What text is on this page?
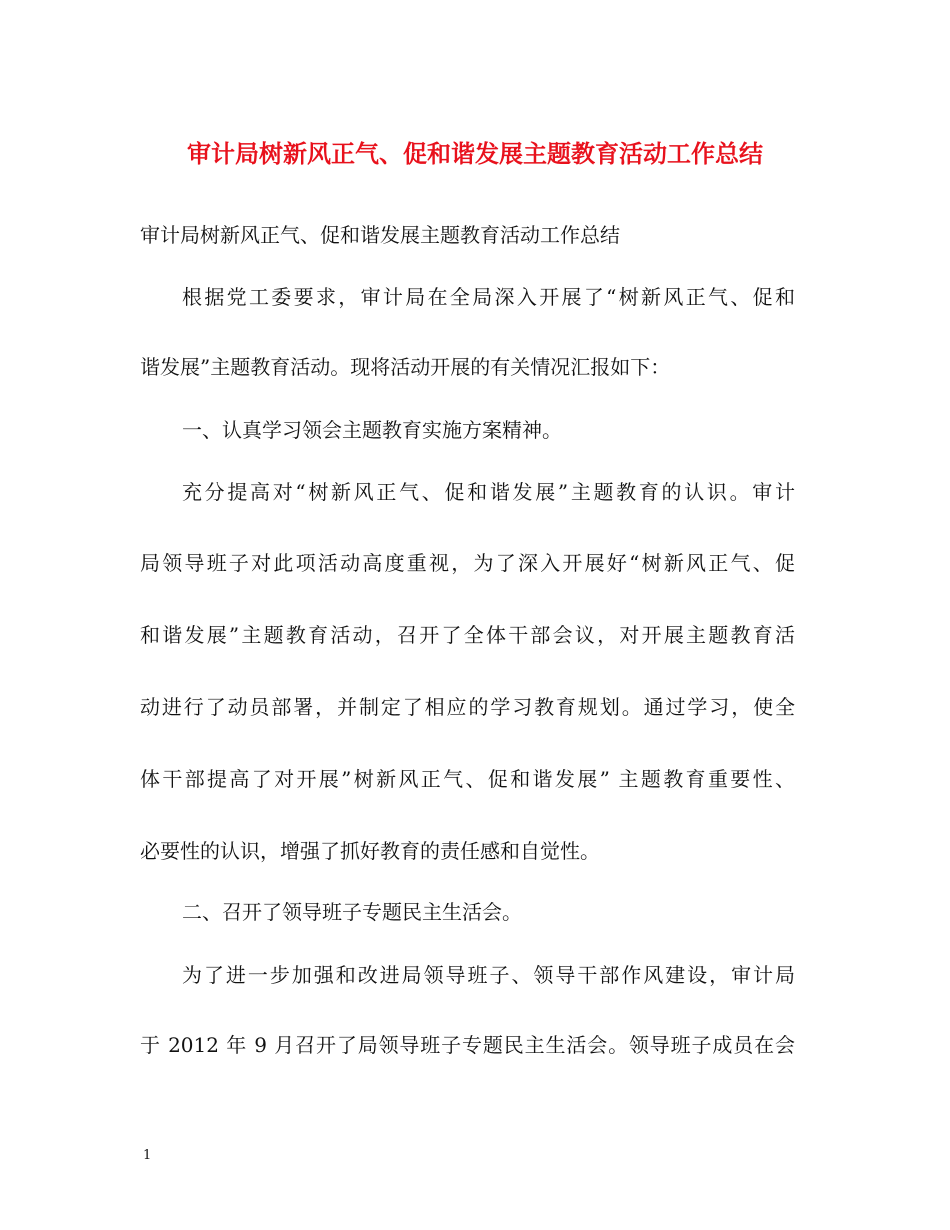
审计局树新风正气、促和谐发展主题教育活动工作总结
审计局树新风正气、促和谐发展主题教育活动工作总结
根据党工委要求，审计局在全局深入开展了“树新风正气、促和
谐发展”主题教育活动。现将活动开展的有关情况汇报如下：
一、认真学习领会主题教育实施方案精神。
充分提高对“树新风正气、促和谐发展”主题教育的认识。审计
局领导班子对此项活动高度重视，为了深入开展好“树新风正气、促
和谐发展”主题教育活动，召开了全体干部会议，对开展主题教育活
动进行了动员部署，并制定了相应的学习教育规划。通过学习，使全
体干部提高了对开展”树新风正气、促和谐发展” 主题教育重要性、
必要性的认识，增强了抓好教育的责任感和自觉性。
二、召开了领导班子专题民主生活会。
为了进一步加强和改进局领导班子、领导干部作风建设，审计局
于 2012 年 9 月召开了局领导班子专题民主生活会。领导班子成员在会
1
